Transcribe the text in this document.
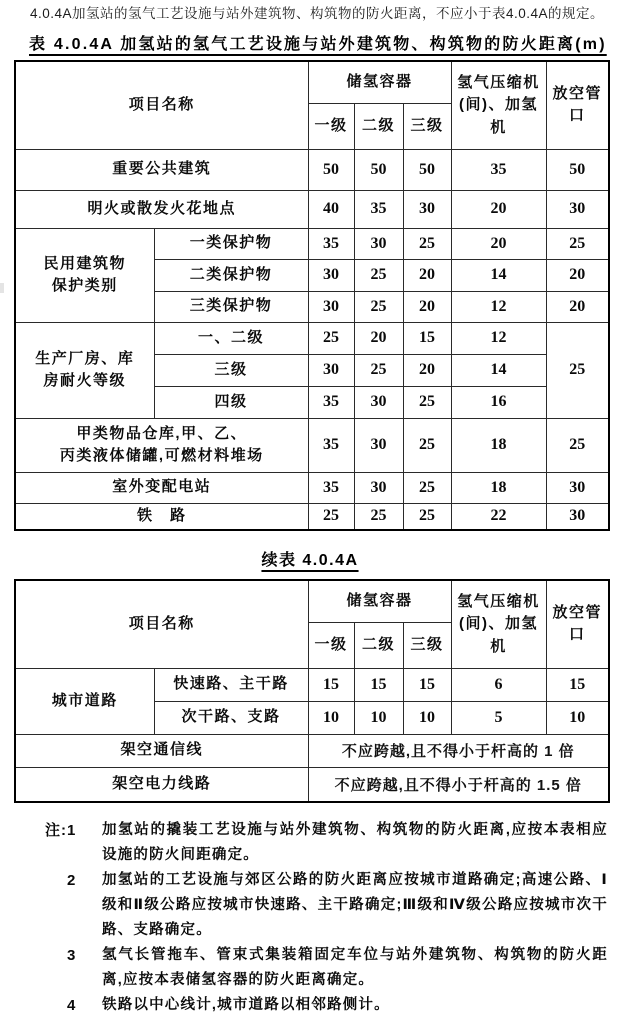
4.0.4A加氢站的氢气工艺设施与站外建筑物、构筑物的防火距离，不应小于表4.0.4A的规定。

表 4.0.4A 加氢站的氢气工艺设施与站外建筑物、构筑物的防火距离(m)
项目名称		储氢容器			氢气压缩机(间)、加氢机	放空管口
		一级	二级	三级		
重要公共建筑		50	50	50	35	50
明火或散发火花地点		40	35	30	20	30

民用建筑物
保护类别	一类保护物	35	30	25	20	25
	二类保护物	30	25	20	14	20
	三类保护物	30	25	20	12	20

生产厂房、库
房耐火等级	一、二级	25	20	15	12	25
	三级	30	25	20	14	
	四级	35	30	25	16	

甲类物品仓库,甲、乙、
丙类液体储罐,可燃材料堆场		35	30	25	18	25
室外变配电站		35	30	25	18	30
铁　路		25	25	25	22	30
续表 4.0.4A
项目名称		储氢容器			氢气压缩机(间)、加氢机	放空管口
		一级	二级	三级		
城市道路	快速路、主干路	15	15	15	6	15
	次干路、支路	10	10	10	5	10
架空通信线		不应跨越,且不得小于杆高的 1 倍				
架空电力线路		不应跨越,且不得小于杆高的 1.5 倍				
注:1	加氢站的撬装工艺设施与站外建筑物、构筑物的防火距离,应按本表相应设施的防火间距确定。
2	加氢站的工艺设施与郊区公路的防火距离应按城市道路确定;高速公路、Ⅰ级和Ⅱ级公路应按城市快速路、主干路确定;Ⅲ级和Ⅳ级公路应按城市次干路、支路确定。
3	氢气长管拖车、管束式集装箱固定车位与站外建筑物、构筑物的防火距离,应按本表储氢容器的防火距离确定。
4	铁路以中心线计,城市道路以相邻路侧计。
